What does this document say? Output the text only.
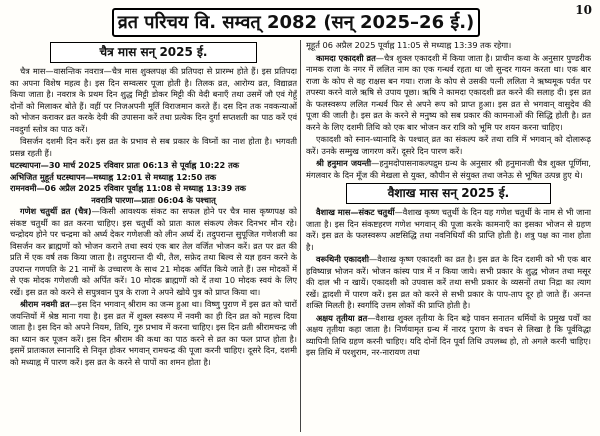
10
व्रत परिचय वि. सम्वत् 2082 (सन् 2025–26 ई.)
चैत्र मास सन् 2025 ई.

चैत्र मास—वासन्तिक नवरात्र—चैत्र मास शुक्लपक्ष की प्रतिपदा से प्रारम्भ होते हैं। इस प्रतिपदा का अपना विशेष महत्व है। इस दिन सम्वत्सर पूजा होती है। तिलक व्रत, आरोग्य व्रत, विद्याव्रत किया जाता है। नवरात्र के प्रथम दिन शुद्ध मिट्टी डोकर मिट्टी की वेदी बनाएँ तथा उसमें जौ एवं गेहूँ दोनों को मिलाकर बोते हैं। वहीं पर निजअपनी मूर्ति विराजमान करते हैं। दस दिन तक नवकन्याओं को भोजन कराकर व्रत करके देवी की उपासना करें तथा प्रत्येक दिन दुर्गा सप्तशती का पाठ करें एवं नवदुर्गा स्तोत्र का पाठ करें।

विसर्जन दशमी दिन करें। इस व्रत के प्रभाव से सब प्रकार के विघ्नों का नाश होता है। भगवती प्रसन्न रहती हैं।

घटस्थापना—30 मार्च 2025 रविवार प्रातः 06:13 से पूर्वाह्न 10:22 तक
अभिजित मुहूर्त घटस्थापन—मध्याह्न 12:01 से मध्याह्न 12:50 तक
रामनवमी—06 अप्रैल 2025 रविवार पूर्वाह्न 11:08 से मध्याह्न 13:39 तक
नवरात्रि पारणा—प्रातः 06:04 के पश्चात्

गणेश चतुर्थी व्रत (चैत्र)—किसी आवश्यक संकट का सफल होने पर चैत्र मास कृष्णपक्ष को संकष्ट चतुर्थी का व्रत करना चाहिए। इस चतुर्थी को प्रातः काल संकल्प लेकर दिनभर मौन रहे। चन्द्रोदय होने पर चन्द्रमा को अर्घ्य देकर गणेशजी को लीन अर्घ्य दें। तदुपरान्त सुपूजित गणेशजी का विसर्जन कर ब्राह्मणों को भोजन कराने तथा स्वयं एक बार तेल वर्जित भोजन करें। व्रत पर व्रत की प्रति में एक वर्ष तक किया जाता है। तदुपरान्त दी थी, तैल, सफ़ेद तथा बिल्व से यज्ञ हवन करने के उपरान्त गणपति के 21 नामों के उच्चारण के साथ 21 मोदक अर्पित किये जाते हैं। उस मोदकों में से एक मोदक गणेशजी को अर्पित करें। 10 मोदक ब्राह्मणों को दें तथा 10 मोदक स्वयं के लिए रखें। इस व्रत को करने से सपुत्रवान पुत्र के राजा ने अपने खोये पुत्र को प्राप्त किया था।

श्रीराम नवमी व्रत—इस दिन भगवान् श्रीराम का जन्म हुआ था। विष्णु पुराण में इस व्रत को चारों जयन्तियों में श्रेष्ठ माना गया है। इस व्रत में शुक्ल स्वरूप में नवमी का ही दिन व्रत को महत्त्व दिया जाता है। इस दिन को अपने नियम, तिथि, गुरु प्रभाव में करना चाहिए। इस दिन व्रती श्रीरामचन्द्र जी का ध्यान कर पूजन करें। इस दिन श्रीराम की कथा का पाठ करने से व्रत का फल प्राप्त होता है। इसमें प्रातःकाल स्नानादि से निवृत होकर भगवान् रामचन्द्र की पूजा करनी चाहिए। दूसरे दिन, दशमी को मध्याह्न में पारण करें। इस व्रत के करने से पापों का शमन होता है।

मूहूर्त 06 अप्रैल 2025 पूर्वाह्न 11:05 से मध्याह्न 13:39 तक रहेगा।

कामदा एकादशी व्रत—चैत्र शुक्ल एकादशी में किया जाता है। प्राचीन कथा के अनुसार पुण्डरीक नामक राजा के नगर में ललित नाम का एक गन्धर्व रहता था जो सुन्दर गायन करता था। एक बार राजा के कोप से वह राक्षस बन गया। राजा के कोप से उसकी पत्नी ललिता ने ऋष्यमूक पर्वत पर तपस्या करने वाले ऋषि से उपाय पूछा। ऋषि ने कामदा एकादशी व्रत करने की सलाह दी। इस व्रत के फलस्वरूप ललित गन्धर्व फिर से अपने रूप को प्राप्त हुआ। इस व्रत से भगवान् वासुदेव की पूजा की जाती है। इस व्रत के करने से मनुष्य को सब प्रकार की कामनाओं की सिद्धि होती है। व्रत करने के लिए दशमी तिथि को एक बार भोजन कर रात्रि को भूमि पर शयन करना चाहिए।

एकादशी को स्नान-ध्यानादि के पश्चात् व्रत का संकल्प करें तथा रात्रि में भगवान् को दोलारूढ़ करें। उनके सम्मुख जागरण करें। दूसरे दिन पारण करें।

श्री हनुमान जयन्ती—हनुमदोपासनाकल्पद्रुम ग्रन्थ के अनुसार श्री हनुमानजी चैत्र शुक्ल पूर्णिमा, मंगलवार के दिन मूँज की मेखला से युक्त, कौपीन से संयुक्त तथा जनेऊ से भूषित उत्पन्न हुए थे।

वैशाख मास सन् 2025 ई.

वैशाख मास—संकट चतुर्थी—वैशाख कृष्ण चतुर्थी के दिन यह गणेश चतुर्थी के नाम से भी जाना जाता है। इस दिन संकष्टहरण गणेश भगवान् की पूजा करके कामनाएँ का इसका भोजन से ग्रहण करें। इस व्रत के फलस्वरूप अष्टसिद्धि तथा नवनिधियाँ की प्राप्ति होती है। शत्रु पक्ष का नाश होता है।

वरूथिनी एकादशी—वैशाख कृष्ण एकादशी का व्रत है। इस व्रत के दिन दशमी को भी एक बार हविष्यान्न भोजन करें। भोजन कांस्य पात्र में न किया जाये। सभी प्रकार के शुद्ध भोजन तथा मसूर की दाल भी न खायें। एकादशी को उपवास करें तथा सभी प्रकार के व्यसनों तथा निद्रा का त्याग रखें। द्वादशी में पारण करें। इस व्रत को करने से सभी प्रकार के पाप-ताप दूर हो जाते हैं। अनन्त शक्ति मिलती है। स्वर्गादि उत्तम लोकों की प्राप्ति होती है।

अक्षय तृतीया व्रत—वैशाख शुक्ल तृतीया के दिन बड़े पावन सनातन धर्मियों के प्रमुख पर्वों का अक्षय तृतीया कहा जाता है। निर्णयामृत ग्रन्थ में नारद पुराण के वचन से लिखा है कि पूर्वविद्धा व्यापिनी तिथि ग्रहण करनी चाहिए। यदि दोनों दिन पूर्वा तिथि उपलब्ध हो, तो अगले करनी चाहिए। इस तिथि में परशुराम, नर-नारायण तथा
